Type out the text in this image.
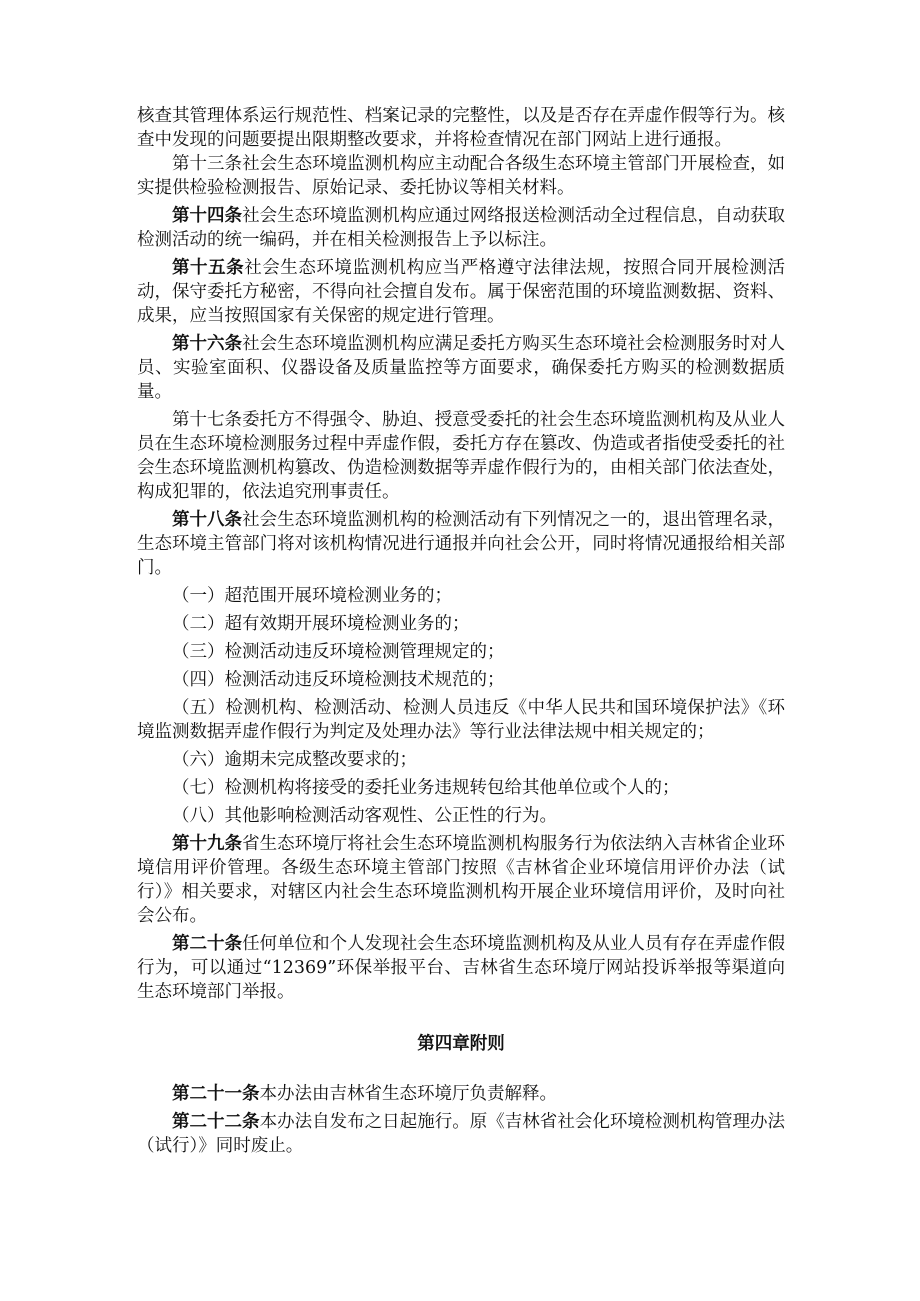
核查其管理体系运行规范性、档案记录的完整性，以及是否存在弄虚作假等行为。核查中发现的问题要提出限期整改要求，并将检查情况在部门网站上进行通报。

第十三条社会生态环境监测机构应主动配合各级生态环境主管部门开展检查，如实提供检验检测报告、原始记录、委托协议等相关材料。

第十四条社会生态环境监测机构应通过网络报送检测活动全过程信息，自动获取检测活动的统一编码，并在相关检测报告上予以标注。

第十五条社会生态环境监测机构应当严格遵守法律法规，按照合同开展检测活动，保守委托方秘密，不得向社会擅自发布。属于保密范围的环境监测数据、资料、成果，应当按照国家有关保密的规定进行管理。

第十六条社会生态环境监测机构应满足委托方购买生态环境社会检测服务时对人员、实验室面积、仪器设备及质量监控等方面要求，确保委托方购买的检测数据质量。

第十七条委托方不得强令、胁迫、授意受委托的社会生态环境监测机构及从业人员在生态环境检测服务过程中弄虚作假，委托方存在篡改、伪造或者指使受委托的社会生态环境监测机构篡改、伪造检测数据等弄虚作假行为的，由相关部门依法查处，构成犯罪的，依法追究刑事责任。

第十八条社会生态环境监测机构的检测活动有下列情况之一的，退出管理名录，生态环境主管部门将对该机构情况进行通报并向社会公开，同时将情况通报给相关部门。

（一）超范围开展环境检测业务的；

（二）超有效期开展环境检测业务的；

（三）检测活动违反环境检测管理规定的；

（四）检测活动违反环境检测技术规范的；

（五）检测机构、检测活动、检测人员违反《中华人民共和国环境保护法》《环境监测数据弄虚作假行为判定及处理办法》等行业法律法规中相关规定的；

（六）逾期未完成整改要求的；

（七）检测机构将接受的委托业务违规转包给其他单位或个人的；

（八）其他影响检测活动客观性、公正性的行为。

第十九条省生态环境厅将社会生态环境监测机构服务行为依法纳入吉林省企业环境信用评价管理。各级生态环境主管部门按照《吉林省企业环境信用评价办法（试行）》相关要求，对辖区内社会生态环境监测机构开展企业环境信用评价，及时向社会公布。

第二十条任何单位和个人发现社会生态环境监测机构及从业人员有存在弄虚作假行为，可以通过“12369”环保举报平台、吉林省生态环境厅网站投诉举报等渠道向生态环境部门举报。

第四章附则

第二十一条本办法由吉林省生态环境厅负责解释。

第二十二条本办法自发布之日起施行。原《吉林省社会化环境检测机构管理办法（试行）》同时废止。
